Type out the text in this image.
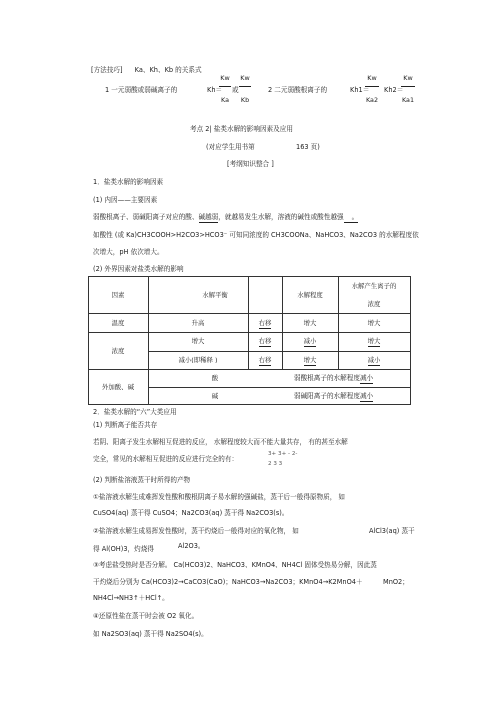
[方法技巧] Ka、Kh、Kb 的关系式
1 一元弱酸或弱碱离子的	Kh＝
Kw
Ka
或
Kw
Kb
2 二元弱酸根离子的	Kh1＝
Kw
Ka2
Kh2＝
Kw
Ka1
考点 2| 盐类水解的影响因素及应用
(对应学生用书第	163 页)
[考纲知识整合 ]
1．盐类水解的影响因素
(1) 内因——主要因素
弱酸根离子、弱碱阳离子对应的酸、碱越弱，就越易发生水解，溶液的碱性或酸性越强 。
如酸性 (或 Ka)CH3COOH>H2CO3>HCO3⁻ 可知同浓度的 CH3COONa、NaHCO3、Na2CO3 的水解程度依
次增大，pH 依次增大。
(2) 外界因素对盐类水解的影响
因素	水解平衡	水解程度
水解产生离子的
浓度
温度	升高	右移	增大	增大
浓度
增大	右移	减小	增大
减小(即稀释 )	右移	增大	减小
外加酸、碱
酸	弱酸根离子的水解程度减小
碱	弱碱阳离子的水解程度减小
2．盐类水解的“六”大类应用
(1) 判断离子能否共存
若阴、阳离子发生水解相互促进的反应， 水解程度较大而不能大量共存， 有的甚至水解
完全，常见的水解相互促进的反应进行完全的有：
3+ 3+ - 2-
2 3 3
(2) 判断盐溶液蒸干时所得的产物
①盐溶液水解生成难挥发性酸和酸根阴离子易水解的强碱盐，蒸干后一般得原物质， 如
CuSO4(aq) 蒸干得 CuSO4；Na2CO3(aq) 蒸干得 Na2CO3(s)。
②盐溶液水解生成易挥发性酸时，蒸干灼烧后一般得对应的氧化物， 如	AlCl3(aq) 蒸干
得 Al(OH)3，灼烧得	Al2O3。
③考虑盐受热时是否分解。 Ca(HCO3)2、NaHCO3、KMnO4、NH4Cl 固体受热易分解，因此蒸
干灼烧后分别为 Ca(HCO3)2→CaCO3(CaO)；NaHCO3→Na2CO3；KMnO4→K2MnO4＋	MnO2；
NH4Cl→NH3↑＋HCl↑。
④还原性盐在蒸干时会被 O2 氧化。
如 Na2SO3(aq) 蒸干得 Na2SO4(s)。
